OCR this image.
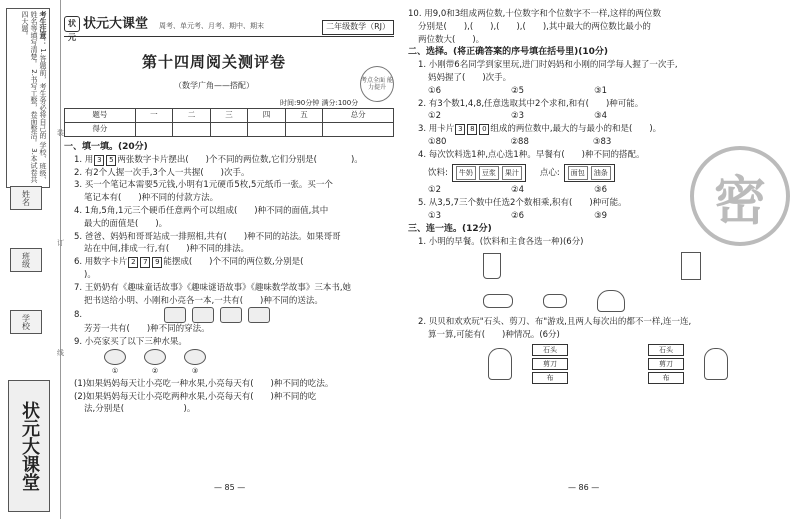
考生注意： 1.答题前，考生务必将自己的 学校、班级、姓名等填写清楚。 2.书写工整，卷面整洁。 3.本试卷共四大题。
姓名
班级
学校
装
订
线
状元大课堂
状元状元大课堂 周考、单元考、月考、期中、期末	二年级数学（RJ）
第十四周阅关测评卷
（数学广角——搭配）
考点全面 能力提升
时间:90分钟 满分:100分
题号	一	二	三	四	五	总分
得分						
一、填一填。(20分)
1. 用 3 5 两张数字卡片摆出(　　)个不同的两位数,它们分别是(　　　　)。
2. 有2个人握一次手,3个人一共握(　　)次手。
3. 买一个笔记本需要5元钱,小明有1元硬币5枚,5元纸币一张。买一个
笔记本有(　　)种不同的付款方法。
4. 1角,5角,1元三个硬币任意两个可以组成(　　)种不同的面值,其中
最大的面值是(　　)。
5. 爸爸、妈妈和哥哥站成一排照相,共有(　　)种不同的站法。如果哥哥
站在中间,排成一行,有(　　)种不同的排法。
6. 用数字卡片 2 7 9 能摆成(　　)个不同的两位数,分别是(
)。
7. 王奶奶有《趣味童话故事》《趣味谜语故事》《趣味数学故事》三本书,她
把书送给小明、小刚和小亮各一本,一共有(　　)种不同的送法。
8.
芳芳一共有(　　)种不同的穿法。
9. 小亮家买了以下三种水果。
①	②	③
(1)如果妈妈每天让小亮吃一种水果,小亮每天有(　　)种不同的吃法。
(2)如果妈妈每天让小亮吃两种水果,小亮每天有(　　)种不同的吃
法,分别是(　　　　　　　)。
— 85 —
10. 用9,0和3组成两位数,十位数字和个位数字不一样,这样的两位数
分别是(　　),(　　),(　　),(　　),其中最大的两位数比最小的
两位数大(　　)。
二、选择。(将正确答案的序号填在括号里)(10分)
1. 小刚带6名同学到家里玩,进门时妈妈和小刚的同学每人握了一次手,
妈妈握了(　　)次手。
①6	②5	③1
2. 有3个数1,4,8,任意选取其中2个求和,和有(　　)种可能。
①2	②3	③4
3. 用卡片 3 8 0 组成的两位数中,最大的与最小的和是(　　)。
①80	②88	③83
4. 每次饮料选1种,点心选1种。早餐有(　　)种不同的搭配。
饮料:	牛奶	豆浆	果汁	点心:	面包	油条
①2	②4	③6
5. 从3,5,7三个数中任选2个数相乘,积有(　　)种可能。
①3	②6	③9
三、连一连。(12分)
1. 小明的早餐。(饮料和主食各选一种)(6分)
2. 贝贝和欢欢玩"石头、剪刀、布"游戏,且两人每次出的都不一样,连一连,
算一算,可能有(　　)种情况。(6分)
石头
剪刀
布
石头
剪刀
布
— 86 —
密
